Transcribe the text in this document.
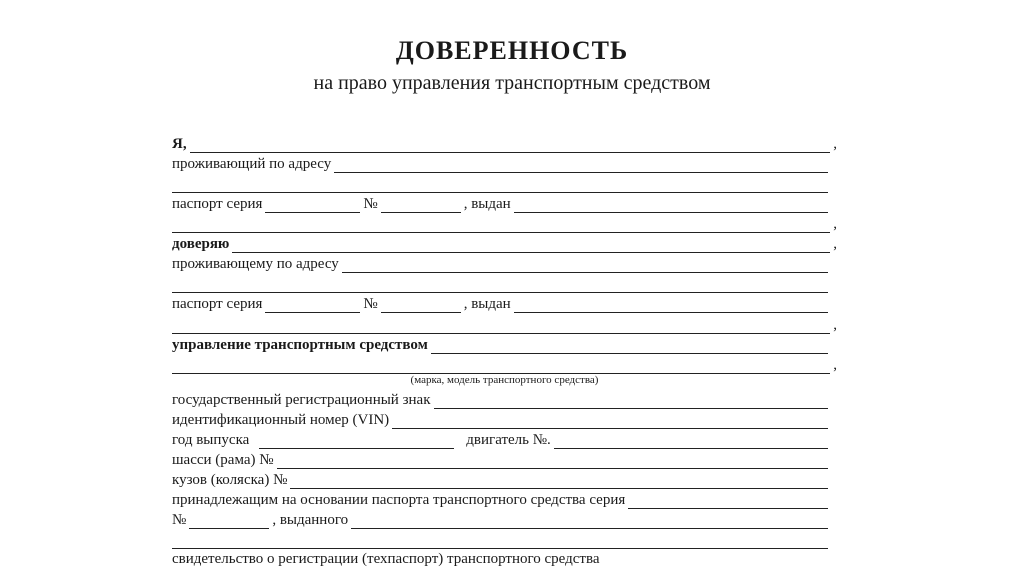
ДОВЕРЕННОСТЬ
на право управления транспортным средством
Я,	,
проживающий по адресу
паспорт серия	№	, выдан
,
доверяю	,
проживающему по адресу
паспорт серия	№	, выдан
,
управление транспортным средством
,
(марка, модель транспортного средства)
государственный регистрационный знак
идентификационный номер (VIN)
год выпуска	двигатель №.
шасси (рама) №
кузов (коляска) №
принадлежащим на основании паспорта транспортного средства серия
№	, выданного
свидетельство о регистрации (техпаспорт) транспортного средства
